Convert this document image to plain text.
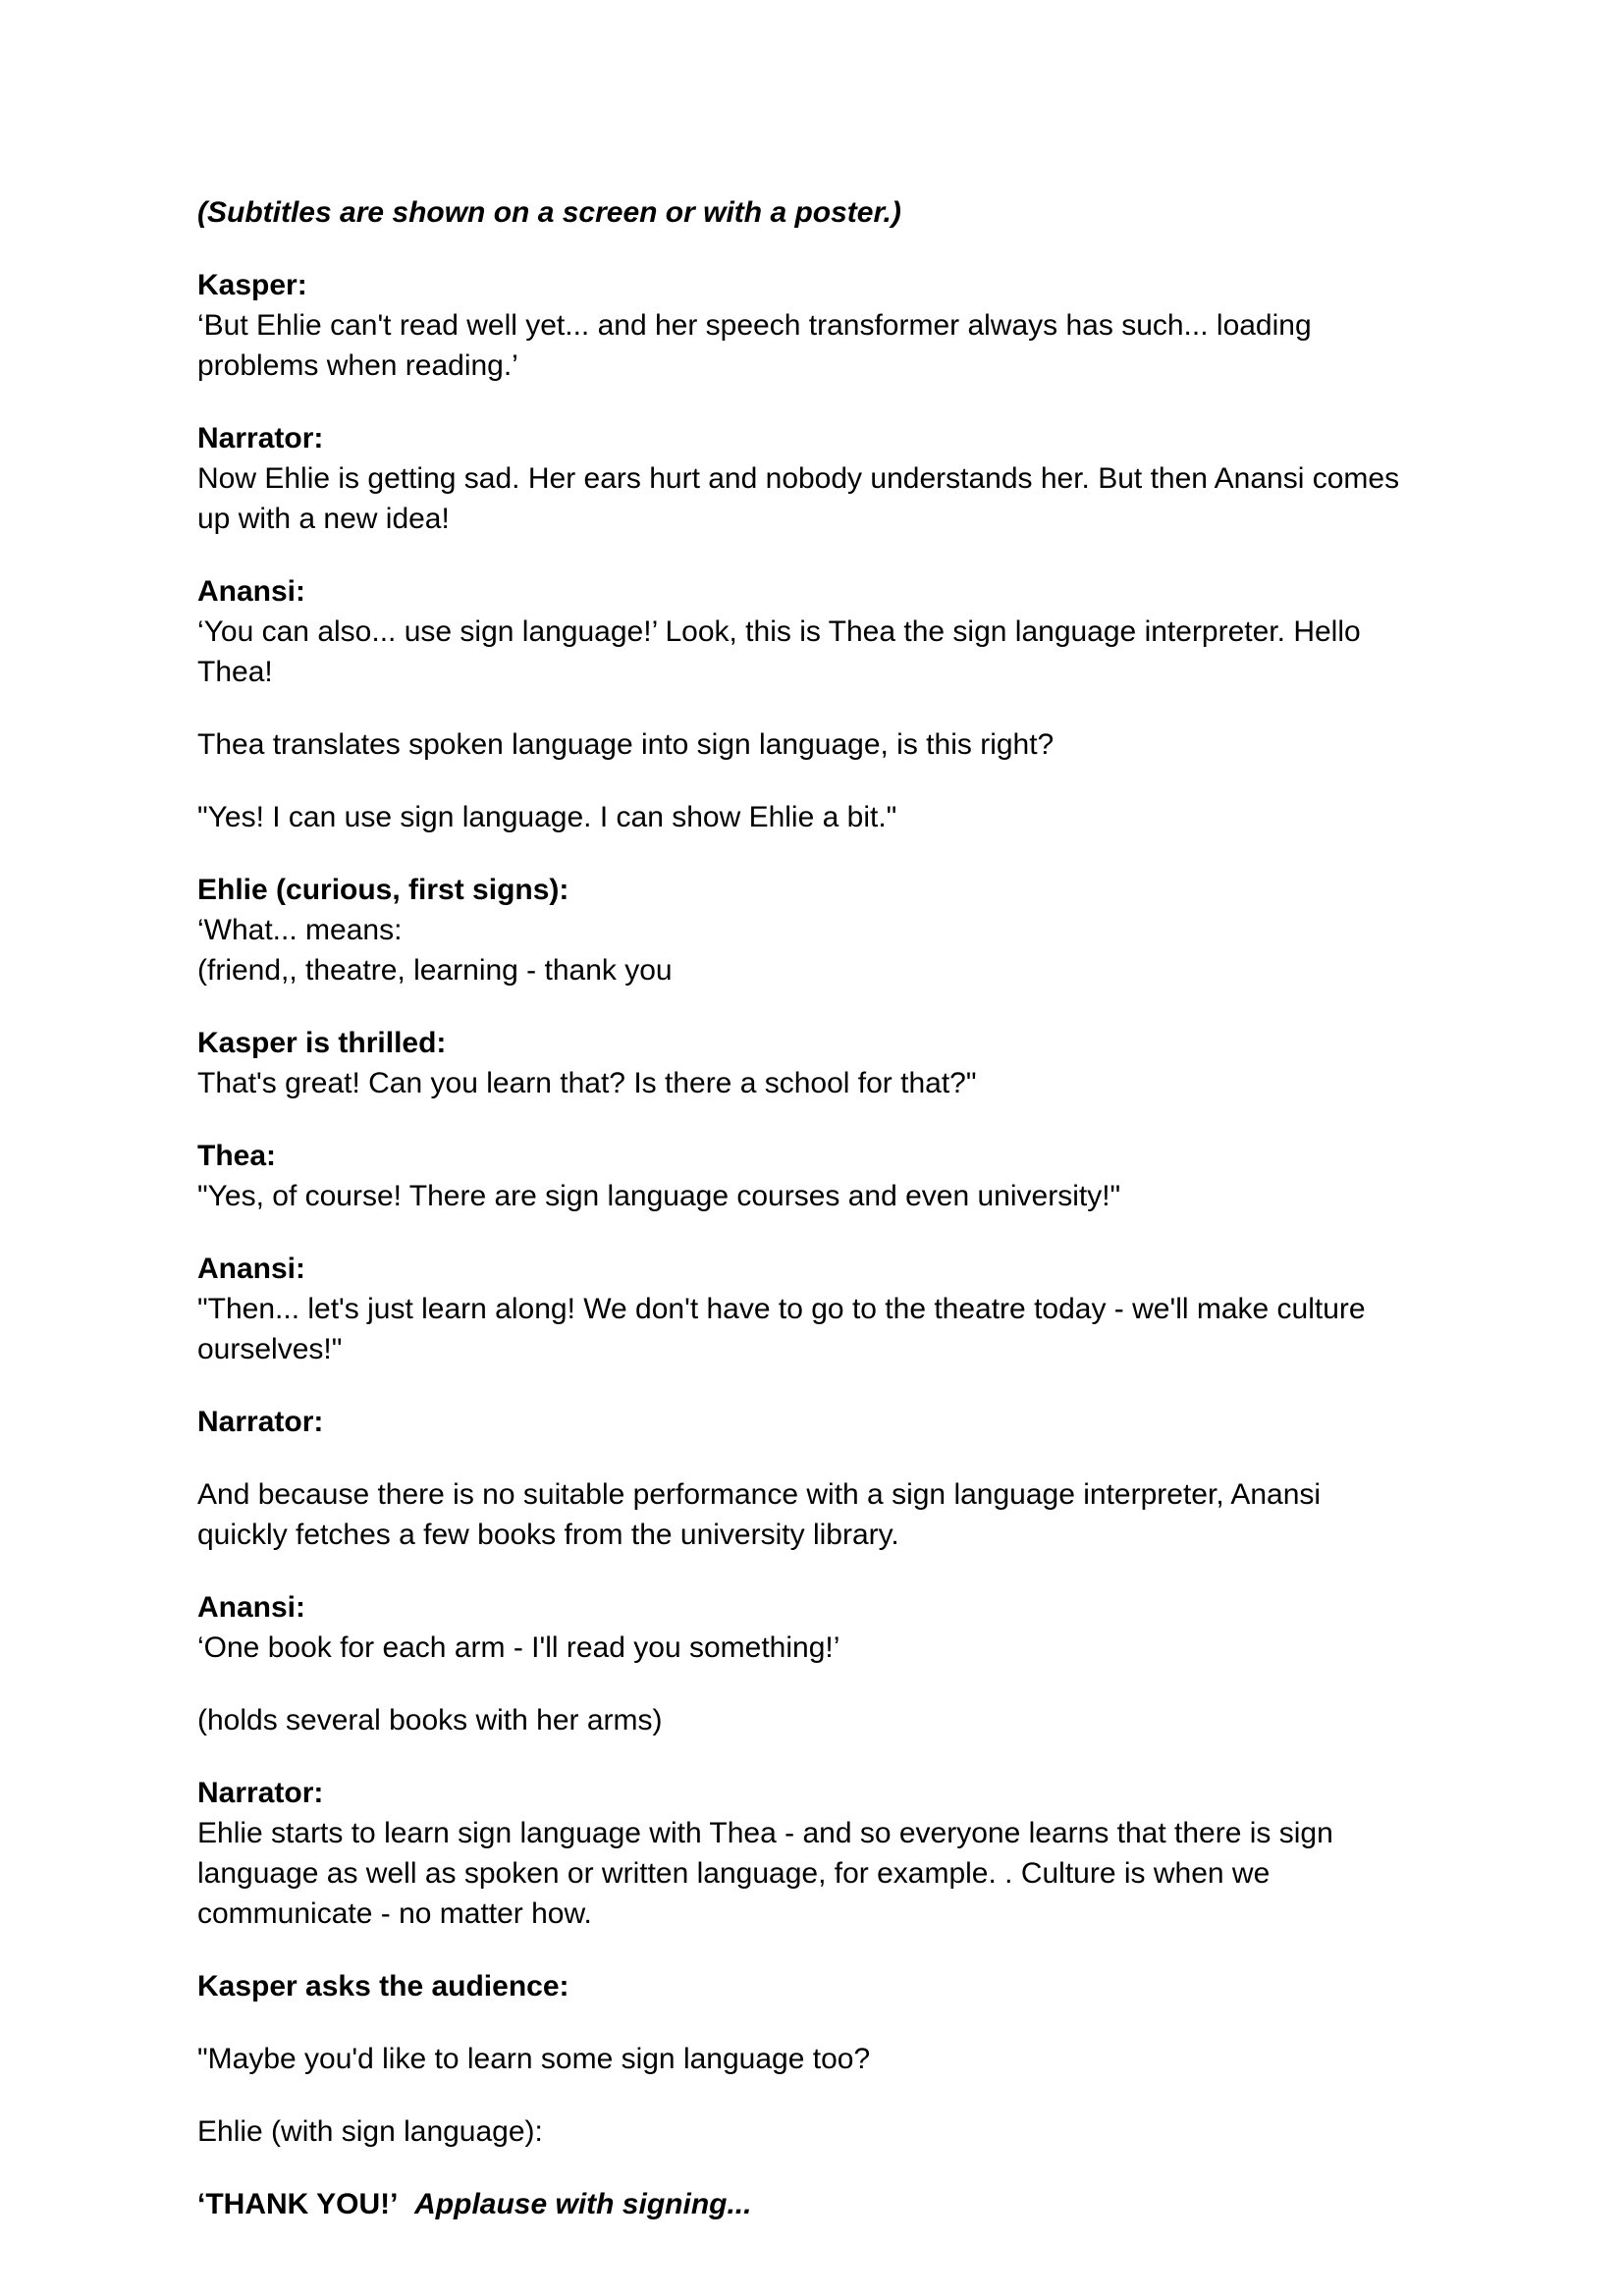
(Subtitles are shown on a screen or with a poster.)
Kasper:
‘But Ehlie can't read well yet... and her speech transformer always has such... loading
problems when reading.’
Narrator:
Now Ehlie is getting sad. Her ears hurt and nobody understands her. But then Anansi comes
up with a new idea!
Anansi:
‘You can also... use sign language!’ Look, this is Thea the sign language interpreter. Hello
Thea!
Thea translates spoken language into sign language, is this right?
"Yes! I can use sign language. I can show Ehlie a bit."
Ehlie (curious, first signs):
‘What... means:
(friend,, theatre, learning - thank you
Kasper is thrilled:
That's great! Can you learn that? Is there a school for that?"
Thea:
"Yes, of course! There are sign language courses and even university!"
Anansi:
"Then... let's just learn along! We don't have to go to the theatre today - we'll make culture
ourselves!"
Narrator:
And because there is no suitable performance with a sign language interpreter, Anansi
quickly fetches a few books from the university library.
Anansi:
‘One book for each arm - I'll read you something!’
(holds several books with her arms)
Narrator:
Ehlie starts to learn sign language with Thea - and so everyone learns that there is sign
language as well as spoken or written language, for example. . Culture is when we
communicate - no matter how.
Kasper asks the audience:
"Maybe you'd like to learn some sign language too?
Ehlie (with sign language):
‘THANK YOU!’ Applause with signing...
